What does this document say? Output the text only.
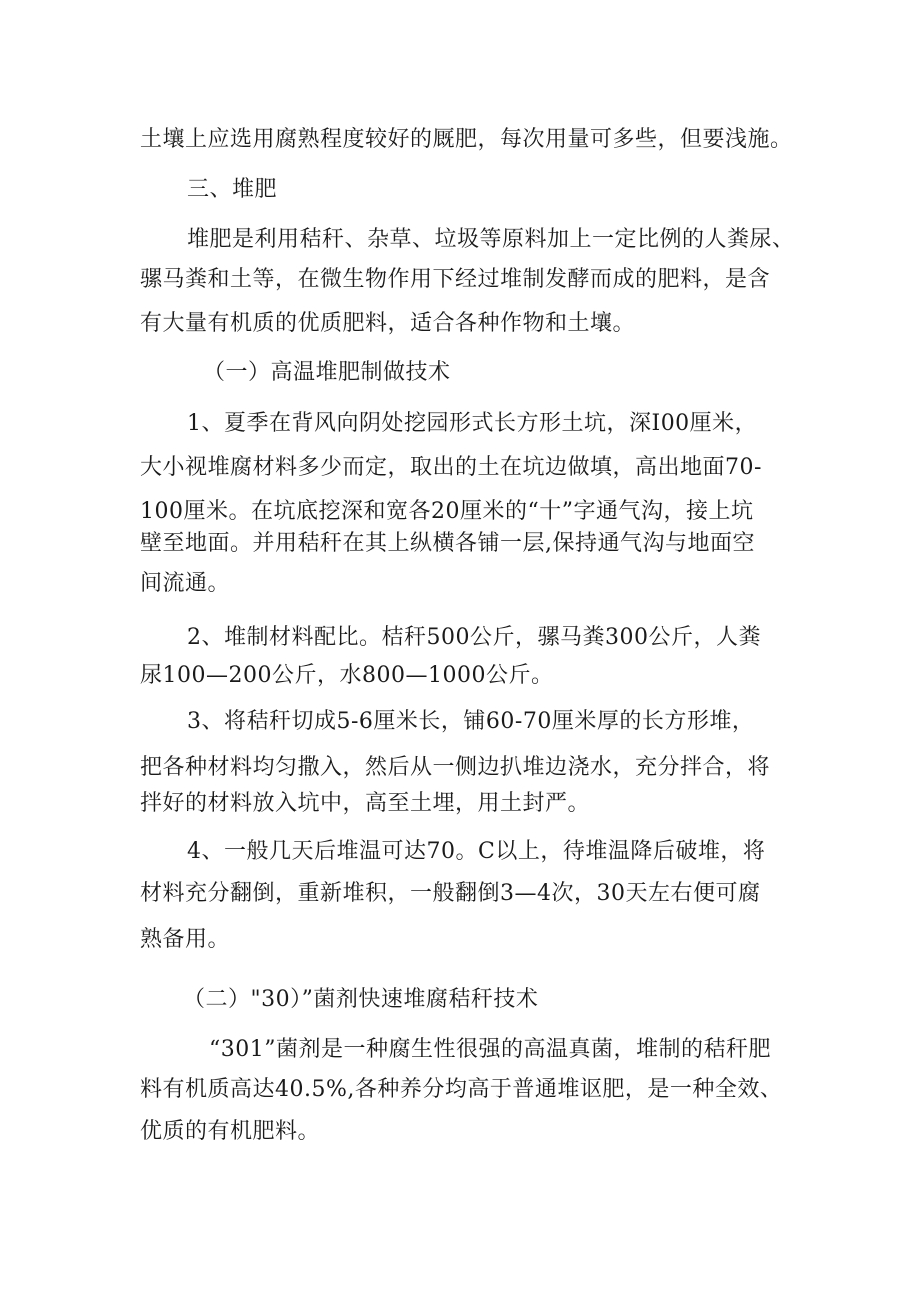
土壤上应选用腐熟程度较好的厩肥，每次用量可多些，但要浅施。
三、堆肥
堆肥是利用秸秆、杂草、垃圾等原料加上一定比例的人粪尿、
骡马粪和土等，在微生物作用下经过堆制发酵而成的肥料，是含
有大量有机质的优质肥料，适合各种作物和土壤。
（一）高温堆肥制做技术
1、夏季在背风向阴处挖园形式长方形土坑，深I00厘米，
大小视堆腐材料多少而定，取出的土在坑边做填，高出地面70-
100厘米。在坑底挖深和宽各20厘米的“十”字通气沟，接上坑
壁至地面。并用秸秆在其上纵横各铺一层,保持通气沟与地面空
间流通。
2、堆制材料配比。桔秆500公斤，骡马粪300公斤，人粪
尿100—200公斤，水800—1000公斤。
3、将秸秆切成5-6厘米长，铺60-70厘米厚的长方形堆，
把各种材料均匀撒入，然后从一侧边扒堆边浇水，充分拌合，将
拌好的材料放入坑中，高至土埋，用土封严。
4、一般几天后堆温可达70。C以上，待堆温降后破堆，将
材料充分翻倒，重新堆积，一般翻倒3—4次，30天左右便可腐
熟备用。
（二）"30）”菌剂快速堆腐秸秆技术
“301”菌剂是一种腐生性很强的高温真菌，堆制的秸秆肥
料有机质高达40.5%,各种养分均高于普通堆讴肥，是一种全效、
优质的有机肥料。
